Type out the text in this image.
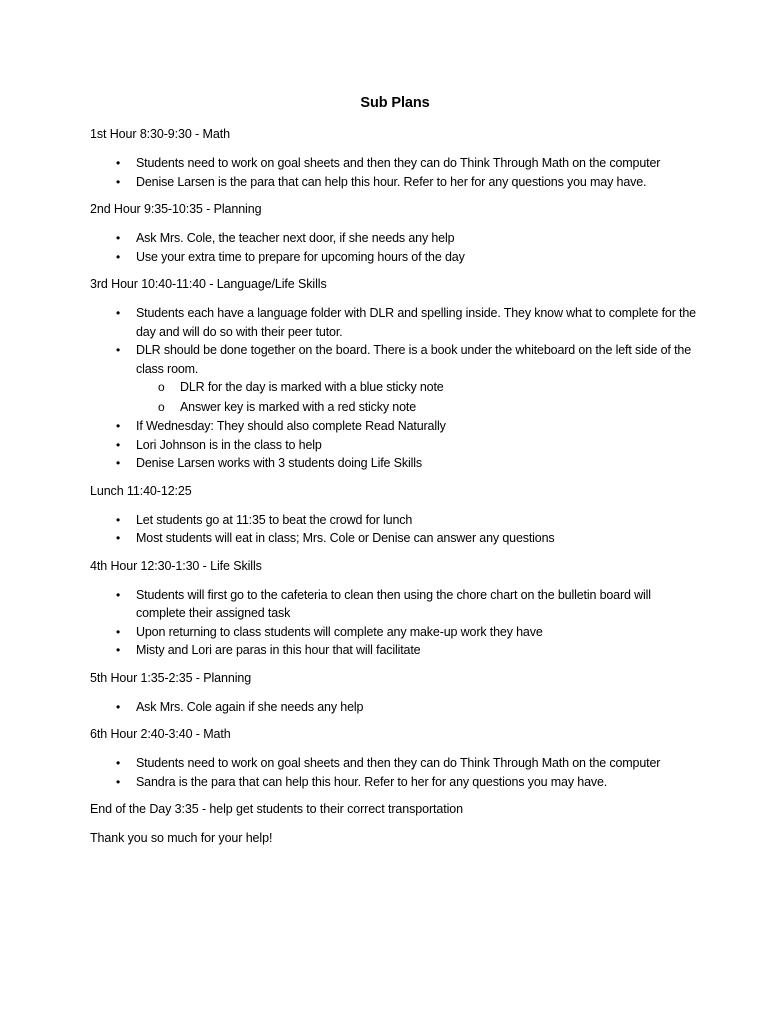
Sub Plans
1st Hour 8:30-9:30 - Math
• Students need to work on goal sheets and then they can do Think Through Math on the computer
• Denise Larsen is the para that can help this hour. Refer to her for any questions you may have.
2nd Hour 9:35-10:35 - Planning
• Ask Mrs. Cole, the teacher next door, if she needs any help
• Use your extra time to prepare for upcoming hours of the day
3rd Hour 10:40-11:40 - Language/Life Skills
• Students each have a language folder with DLR and spelling inside. They know what to complete for the day and will do so with their peer tutor.
• DLR should be done together on the board. There is a book under the whiteboard on the left side of the class room.
o DLR for the day is marked with a blue sticky note
o Answer key is marked with a red sticky note
• If Wednesday: They should also complete Read Naturally
• Lori Johnson is in the class to help
• Denise Larsen works with 3 students doing Life Skills
Lunch 11:40-12:25
• Let students go at 11:35 to beat the crowd for lunch
• Most students will eat in class; Mrs. Cole or Denise can answer any questions
4th Hour 12:30-1:30 - Life Skills
• Students will first go to the cafeteria to clean then using the chore chart on the bulletin board will complete their assigned task
• Upon returning to class students will complete any make-up work they have
• Misty and Lori are paras in this hour that will facilitate
5th Hour 1:35-2:35 - Planning
• Ask Mrs. Cole again if she needs any help
6th Hour 2:40-3:40 - Math
• Students need to work on goal sheets and then they can do Think Through Math on the computer
• Sandra is the para that can help this hour. Refer to her for any questions you may have.
End of the Day 3:35 - help get students to their correct transportation
Thank you so much for your help!
